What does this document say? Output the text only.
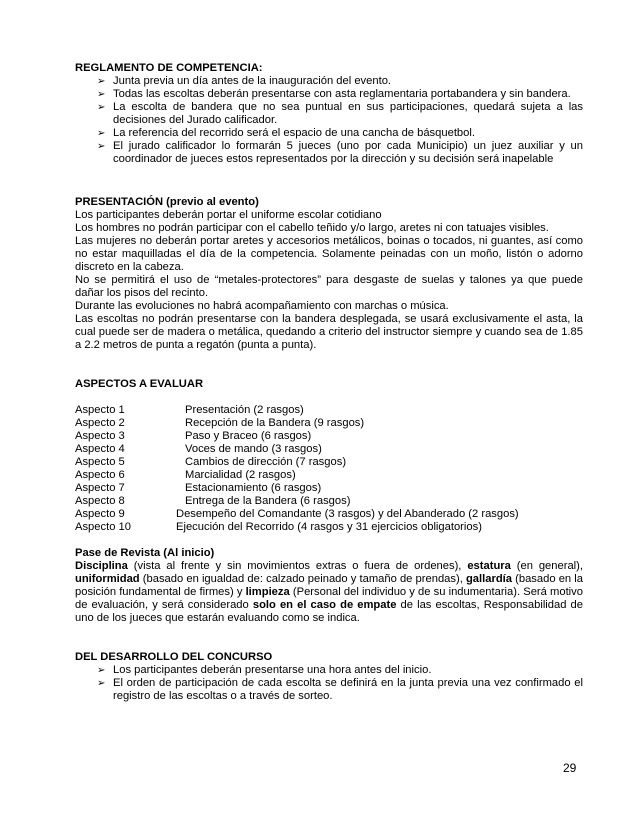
REGLAMENTO DE COMPETENCIA:

➢ Junta previa un día antes de la inauguración del evento.
➢ Todas las escoltas deberán presentarse con asta reglamentaria portabandera y sin bandera.
➢ La escolta de bandera que no sea puntual en sus participaciones, quedará sujeta a las decisiones del Jurado calificador.
➢ La referencia del recorrido será el espacio de una cancha de básquetbol.
➢ El jurado calificador lo formarán 5 jueces (uno por cada Municipio) un juez auxiliar y un coordinador de jueces estos representados por la dirección y su decisión será inapelable

PRESENTACIÓN (previo al evento)

Los participantes deberán portar el uniforme escolar cotidiano

Los hombres no podrán participar con el cabello teñido y/o largo, aretes ni con tatuajes visibles.

Las mujeres no deberán portar aretes y accesorios metálicos, boinas o tocados, ni guantes, así como no estar maquilladas el día de la competencia. Solamente peinadas con un moño, listón o adorno discreto en la cabeza.

No se permitirá el uso de “metales-protectores” para desgaste de suelas y talones ya que puede dañar los pisos del recinto.

Durante las evoluciones no habrá acompañamiento con marchas o música.

Las escoltas no podrán presentarse con la bandera desplegada, se usará exclusivamente el asta, la cual puede ser de madera o metálica, quedando a criterio del instructor siempre y cuando sea de 1.85 a 2.2 metros de punta a regatón (punta a punta).

ASPECTOS A EVALUAR

Aspecto 1	Presentación (2 rasgos)
Aspecto 2	Recepción de la Bandera (9 rasgos)
Aspecto 3	Paso y Braceo (6 rasgos)
Aspecto 4	Voces de mando (3 rasgos)
Aspecto 5	Cambios de dirección (7 rasgos)
Aspecto 6	Marcialidad (2 rasgos)
Aspecto 7	Estacionamiento (6 rasgos)
Aspecto 8	Entrega de la Bandera (6 rasgos)
Aspecto 9	Desempeño del Comandante (3 rasgos) y del Abanderado (2 rasgos)
Aspecto 10	Ejecución del Recorrido (4 rasgos y 31 ejercicios obligatorios)

Pase de Revista (Al inicio)

Disciplina (vista al frente y sin movimientos extras o fuera de ordenes), estatura (en general), uniformidad (basado en igualdad de: calzado peinado y tamaño de prendas), gallardía (basado en la posición fundamental de firmes) y limpieza (Personal del individuo y de su indumentaria). Será motivo de evaluación, y será considerado solo en el caso de empate de las escoltas, Responsabilidad de uno de los jueces que estarán evaluando como se indica.

DEL DESARROLLO DEL CONCURSO

➢ Los participantes deberán presentarse una hora antes del inicio.
➢ El orden de participación de cada escolta se definirá en la junta previa una vez confirmado el registro de las escoltas o a través de sorteo.
29
